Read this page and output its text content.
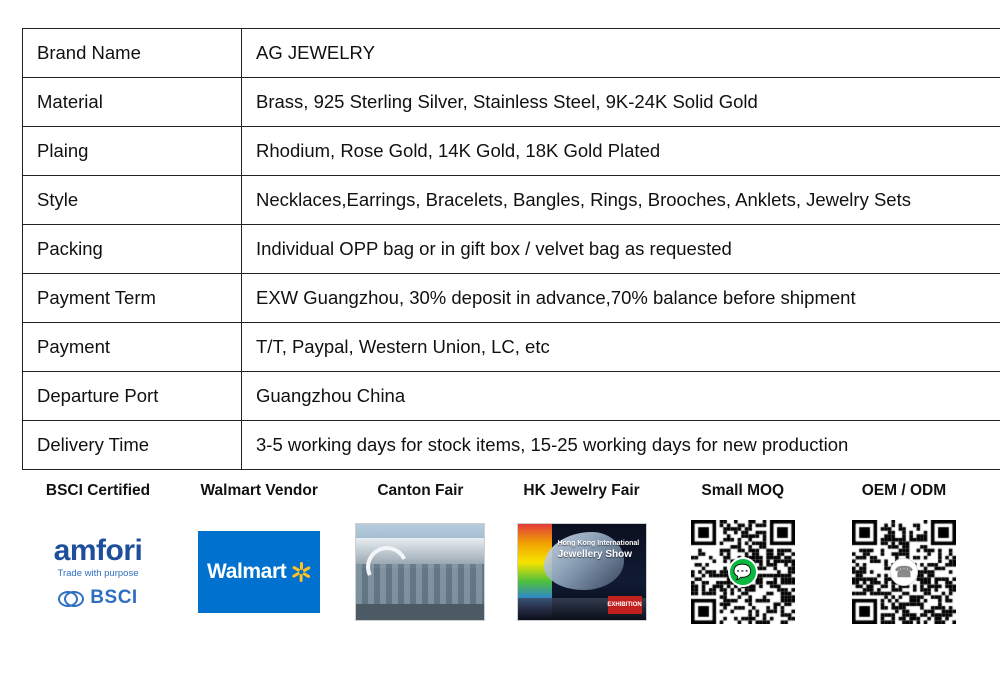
Brand Name	AG JEWELRY
Material	Brass, 925 Sterling Silver, Stainless Steel, 9K-24K Solid Gold
Plaing	Rhodium, Rose Gold, 14K Gold, 18K Gold Plated
Style	Necklaces,Earrings, Bracelets, Bangles, Rings, Brooches, Anklets, Jewelry Sets
Packing	Individual OPP bag or in gift box / velvet bag as requested
Payment Term	EXW Guangzhou, 30% deposit in advance,70% balance before shipment
Payment	T/T, Paypal, Western Union, LC, etc
Departure Port	Guangzhou China
Delivery Time	3-5 working days for stock items, 15-25 working days for new production
BSCI Certified
amfori
Trade with purpose
BSCI
Walmart Vendor
Walmart
Canton Fair	HK Jewelry Fair
Hong Kong International
Jewellery Show
EXHIBITION
Small MOQ
💬
OEM / ODM
☎
